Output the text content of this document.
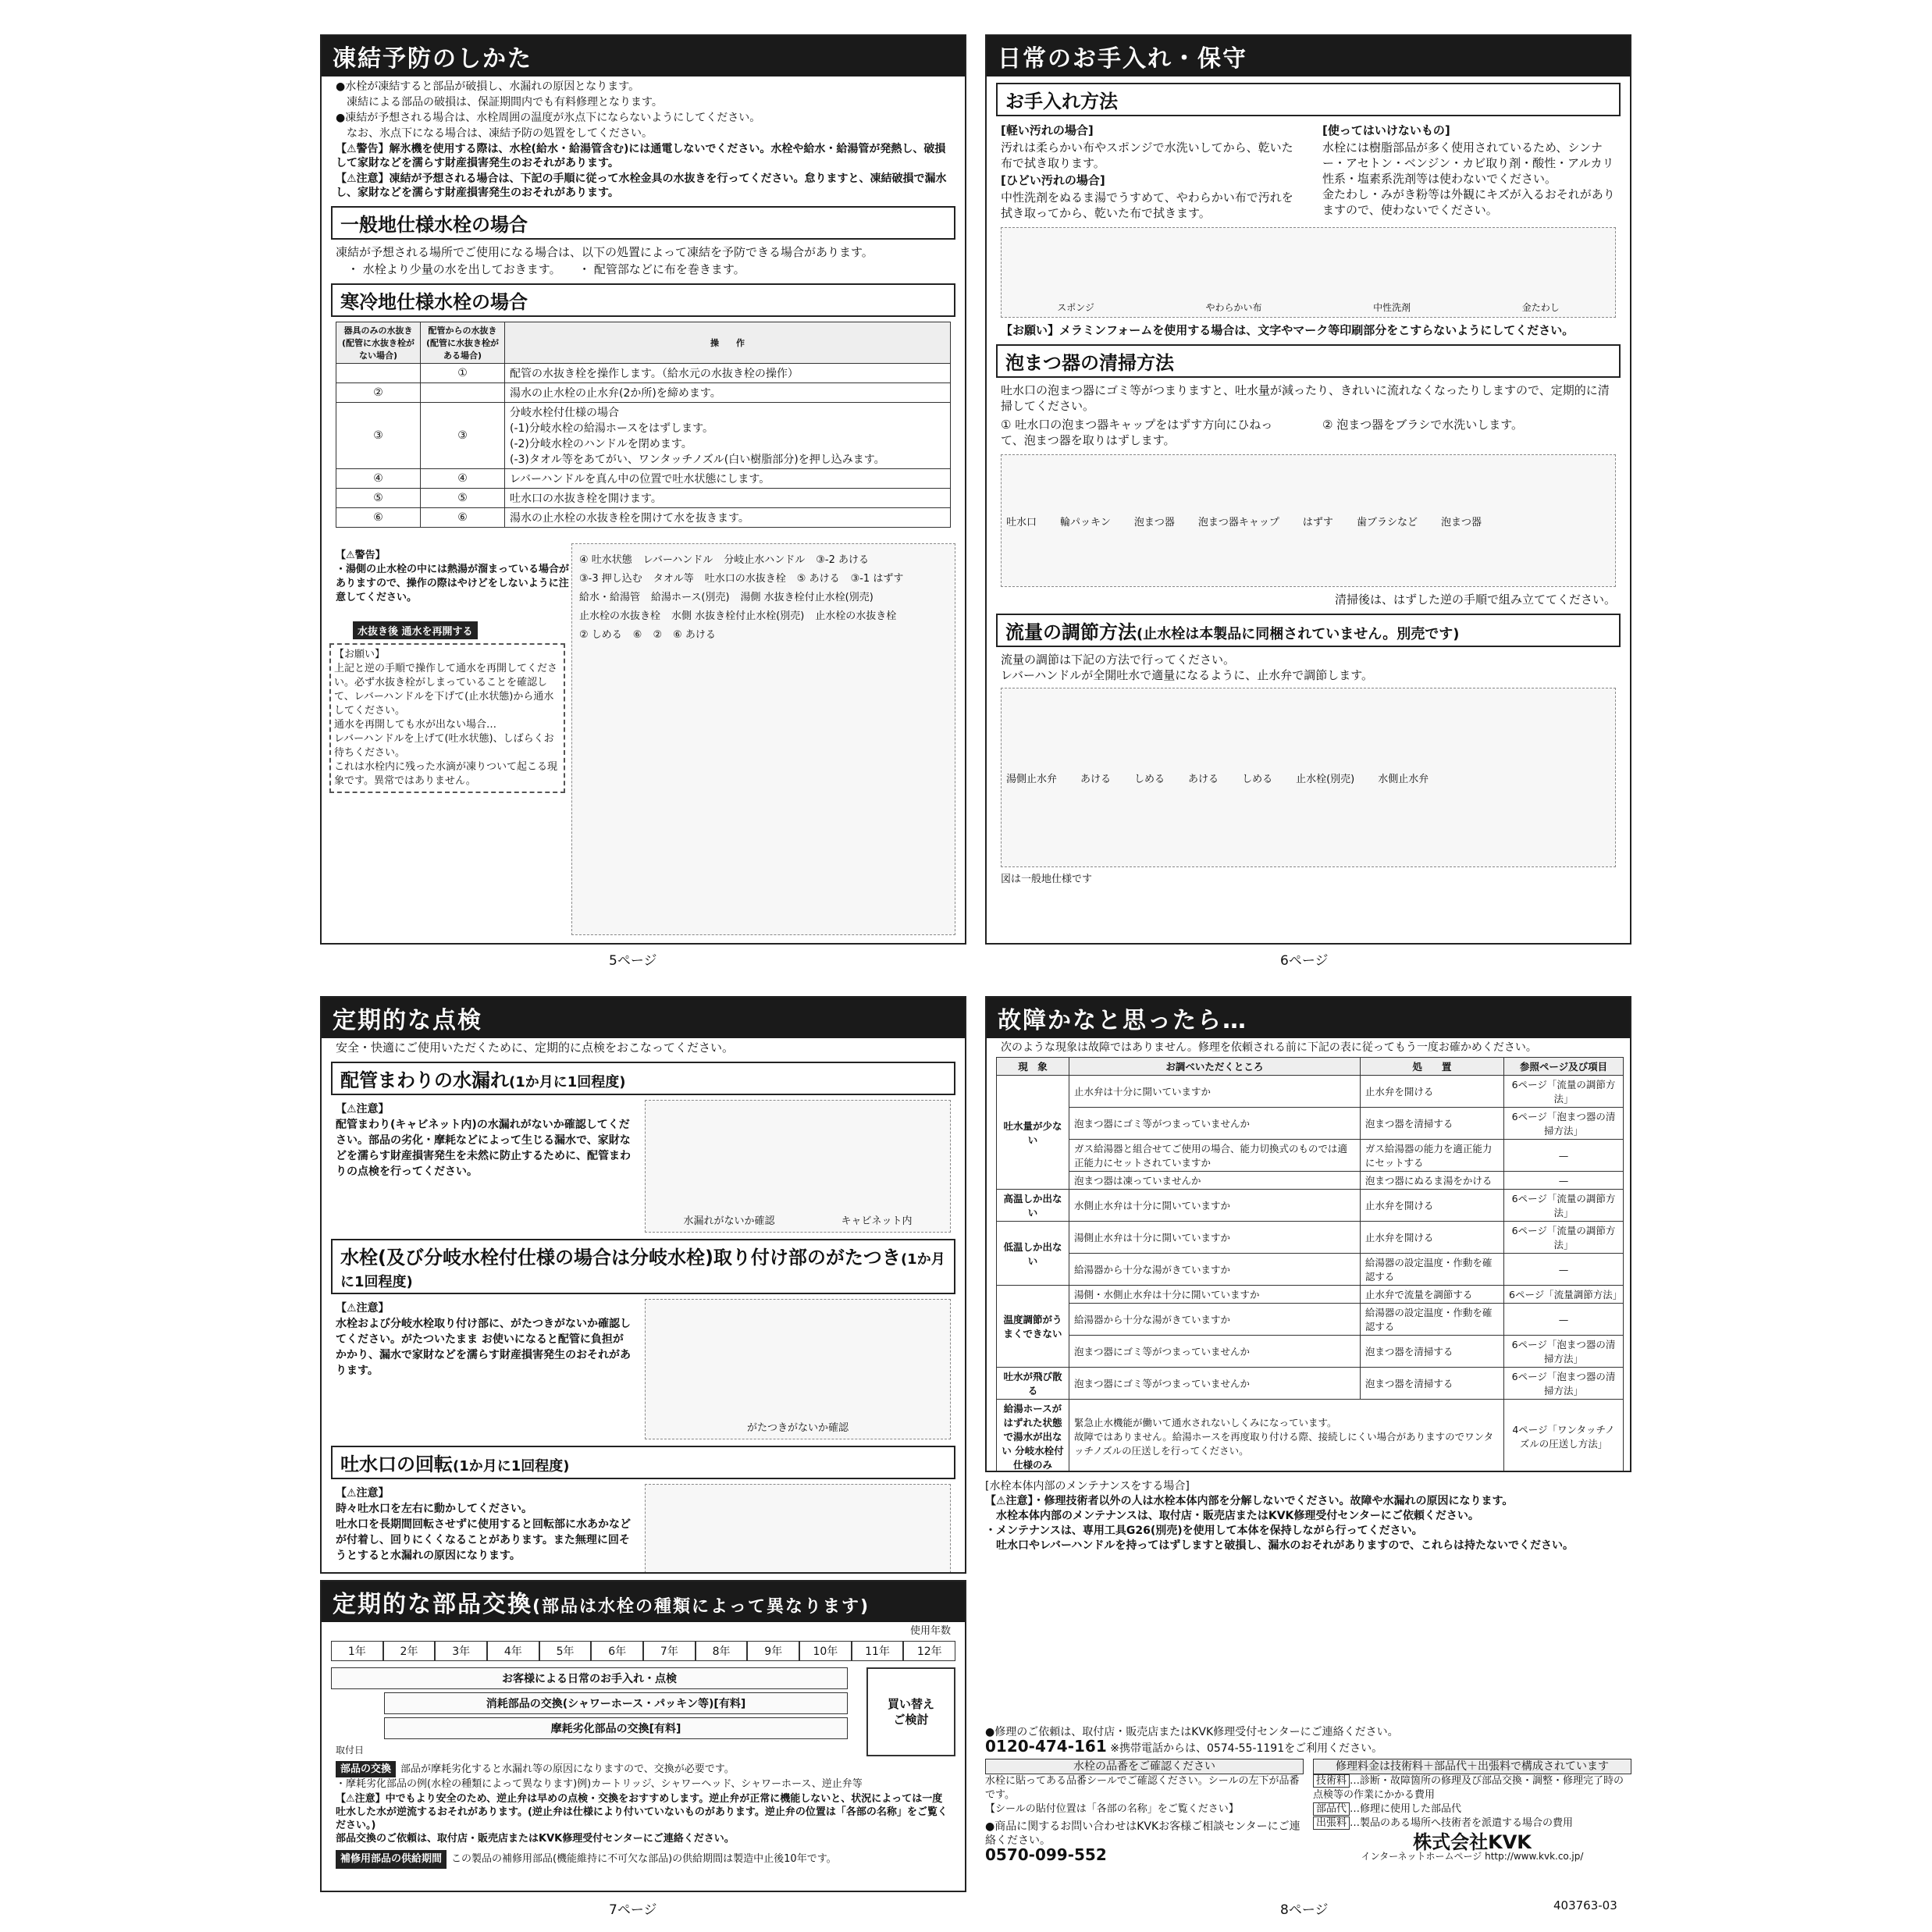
凍結予防のしかた
●水栓が凍結すると部品が破損し、水漏れの原因となります。
　凍結による部品の破損は、保証期間内でも有料修理となります。
●凍結が予想される場合は、水栓周囲の温度が氷点下にならないようにしてください。
　なお、氷点下になる場合は、凍結予防の処置をしてください。
【⚠警告】解氷機を使用する際は、水栓(給水・給湯管含む)には通電しないでください。水栓や給水・給湯管が発熱し、破損して家財などを濡らす財産損害発生のおそれがあります。
【⚠注意】凍結が予想される場合は、下記の手順に従って水栓金具の水抜きを行ってください。怠りますと、凍結破損で漏水し、家財などを濡らす財産損害発生のおそれがあります。
一般地仕様水栓の場合
凍結が予想される場所でご使用になる場合は、以下の処置によって凍結を予防できる場合があります。
　・ 水栓より少量の水を出しておきます。　　・ 配管部などに布を巻きます。
寒冷地仕様水栓の場合
器具のみの水抜き(配管に水抜き栓がない場合)	配管からの水抜き(配管に水抜き栓がある場合)	操　　作
	①	配管の水抜き栓を操作します。（給水元の水抜き栓の操作）
②		湯水の止水栓の止水弁(2か所)を締めます。
③	③	分岐水栓付仕様の場合
(-1)分岐水栓の給湯ホースをはずします。
(-2)分岐水栓のハンドルを閉めます。
(-3)タオル等をあてがい、ワンタッチノズル(白い樹脂部分)を押し込みます。
④	④	レバーハンドルを真ん中の位置で吐水状態にします。
⑤	⑤	吐水口の水抜き栓を開けます。
⑥	⑥	湯水の止水栓の水抜き栓を開けて水を抜きます。
【⚠警告】
・湯側の止水栓の中には熱湯が溜まっている場合がありますので、操作の際はやけどをしないように注意してください。
水抜き後 通水を再開する
【お願い】
上記と逆の手順で操作して通水を再開してください。必ず水抜き栓がしまっていることを確認して、レバーハンドルを下げて(止水状態)から通水してください。
通水を再開しても水が出ない場合…
レバーハンドルを上げて(吐水状態)、しばらくお待ちください。
これは水栓内に残った水滴が凍りついて起こる現象です。異常ではありません。
④ 吐水状態 レバーハンドル 分岐止水ハンドル ③-2 あける③-3 押し込む タオル等 吐水口の水抜き栓 ⑤ あける ③-1 はずす給水・給湯管 給湯ホース(別売) 湯側 水抜き栓付止水栓(別売)止水栓の水抜き栓 水側 水抜き栓付止水栓(別売) 止水栓の水抜き栓② しめる ⑥ ② ⑥ あける
5ページ
日常のお手入れ・保守
お手入れ方法
[軽い汚れの場合]
汚れは柔らかい布やスポンジで水洗いしてから、乾いた布で拭き取ります。
[ひどい汚れの場合]
中性洗剤をぬるま湯でうすめて、やわらかい布で汚れを拭き取ってから、乾いた布で拭きます。
[使ってはいけないもの]
水栓には樹脂部品が多く使用されているため、シンナー・アセトン・ベンジン・カビ取り剤・酸性・アルカリ性系・塩素系洗剤等は使わないでください。
金たわし・みがき粉等は外観にキズが入るおそれがありますので、使わないでください。
スポンジ	やわらかい布	中性洗剤	金たわし
【お願い】メラミンフォームを使用する場合は、文字やマーク等印刷部分をこすらないようにしてください。
泡まつ器の清掃方法
吐水口の泡まつ器にゴミ等がつまりますと、吐水量が減ったり、きれいに流れなくなったりしますので、定期的に清掃してください。
① 吐水口の泡まつ器キャップをはずす方向にひねって、泡まつ器を取りはずします。
② 泡まつ器をブラシで水洗いします。
吐水口 輪パッキン 泡まつ器 泡まつ器キャップ はずす 歯ブラシなど 泡まつ器
清掃後は、はずした逆の手順で組み立ててください。
流量の調節方法(止水栓は本製品に同梱されていません。別売です)
流量の調節は下記の方法で行ってください。
レバーハンドルが全開吐水で適量になるように、止水弁で調節します。
湯側止水弁 あける しめる あける しめる 止水栓(別売) 水側止水弁
図は一般地仕様です
6ページ
定期的な点検
安全・快適にご使用いただくために、定期的に点検をおこなってください。
配管まわりの水漏れ(1か月に1回程度)
【⚠注意】
配管まわり(キャビネット内)の水漏れがないか確認してください。部品の劣化・摩耗などによって生じる漏水で、家財などを濡らす財産損害発生を未然に防止するために、配管まわりの点検を行ってください。
水漏れがないか確認	キャビネット内
水栓(及び分岐水栓付仕様の場合は分岐水栓)取り付け部のがたつき(1か月に1回程度)
【⚠注意】
水栓および分岐水栓取り付け部に、がたつきがないか確認してください。がたついたまま お使いになると配管に負担がかかり、漏水で家財などを濡らす財産損害発生のおそれがあります。
がたつきがないか確認
吐水口の回転(1か月に1回程度)
【⚠注意】
時々吐水口を左右に動かしてください。
吐水口を長期間回転させずに使用すると回転部に水あかなどが付着し、回りにくくなることがあります。また無理に回そうとすると水漏れの原因になります。
定期的な部品交換(部品は水栓の種類によって異なります)
使用年数
1年	2年	3年	4年	5年	6年	7年	8年	9年	10年	11年	12年
お客様による日常のお手入れ・点検
消耗部品の交換(シャワーホース・パッキン等)[有料]
摩耗劣化部品の交換[有料]
取付日
買い替え
ご検討
部品の交換 部品が摩耗劣化すると水漏れ等の原因になりますので、交換が必要です。
・摩耗劣化部品の例(水栓の種類によって異なります)例)カートリッジ、シャワーヘッド、シャワーホース、逆止弁等
【⚠注意】中でもより安全のため、逆止弁は早めの点検・交換をおすすめします。逆止弁が正常に機能しないと、状況によっては一度吐水した水が逆流するおそれがあります。(逆止弁は仕様により付いていないものがあります。逆止弁の位置は「各部の名称」をご覧ください。)
部品交換のご依頼は、取付店・販売店またはKVK修理受付センターにご連絡ください。
補修用部品の供給期間 この製品の補修用部品(機能維持に不可欠な部品)の供給期間は製造中止後10年です。
7ページ
故障かなと思ったら…
次のような現象は故障ではありません。修理を依頼される前に下記の表に従ってもう一度お確かめください。
現　象	お調べいただくところ	処　　置	参照ページ及び項目
吐水量が少ない	止水弁は十分に開いていますか	止水弁を開ける	6ページ「流量の調節方法」
	泡まつ器にゴミ等がつまっていませんか	泡まつ器を清掃する	6ページ「泡まつ器の清掃方法」
	ガス給湯器と組合せてご使用の場合、能力切換式のものでは適正能力にセットされていますか	ガス給湯器の能力を適正能力にセットする	—
	泡まつ器は凍っていませんか	泡まつ器にぬるま湯をかける	—
高温しか出ない	水側止水弁は十分に開いていますか	止水弁を開ける	6ページ「流量の調節方法」
低温しか出ない	湯側止水弁は十分に開いていますか	止水弁を開ける	6ページ「流量の調節方法」
	給湯器から十分な湯がきていますか	給湯器の設定温度・作動を確認する	—
温度調節がうまくできない	湯側・水側止水弁は十分に開いていますか	止水弁で流量を調節する	6ページ「流量調節方法」
	給湯器から十分な湯がきていますか	給湯器の設定温度・作動を確認する	—
	泡まつ器にゴミ等がつまっていませんか	泡まつ器を清掃する	6ページ「泡まつ器の清掃方法」
吐水が飛び散る	泡まつ器にゴミ等がつまっていませんか	泡まつ器を清掃する	6ページ「泡まつ器の清掃方法」
給湯ホースがはずれた状態で湯水が出ない 分岐水栓付仕様のみ	緊急止水機能が働いて通水されないしくみになっています。
故障ではありません。給湯ホースを再度取り付ける際、接続しにくい場合がありますのでワンタッチノズルの圧送しを行ってください。		4ページ「ワンタッチノズルの圧送し方法」
[水栓本体内部のメンテナンスをする場合]
【⚠注意】・修理技術者以外の人は水栓本体内部を分解しないでください。故障や水漏れの原因になります。
　水栓本体内部のメンテナンスは、取付店・販売店またはKVK修理受付センターにご依頼ください。
・メンテナンスは、専用工具G26(別売)を使用して本体を保持しながら行ってください。
　吐水口やレバーハンドルを持ってはずしますと破損し、漏水のおそれがありますので、これらは持たないでください。
●修理のご依頼は、取付店・販売店またはKVK修理受付センターにご連絡ください。
0120-474-161 ※携帯電話からは、0574-55-1191をご利用ください。
水栓の品番をご確認ください
水栓に貼ってある品番シールでご確認ください。シールの左下が品番です。
【シールの貼付位置は「各部の名称」をご覧ください】
●商品に関するお問い合わせはKVKお客様ご相談センターにご連絡ください。
0570-099-552
修理料金は技術料＋部品代＋出張料で構成されています
技術料 …診断・故障箇所の修理及び部品交換・調整・修理完了時の点検等の作業にかかる費用
部品代 …修理に使用した部品代
出張料 …製品のある場所へ技術者を派遣する場合の費用
株式会社KVK
インターネットホームページ http://www.kvk.co.jp/
8ページ	403763-03
